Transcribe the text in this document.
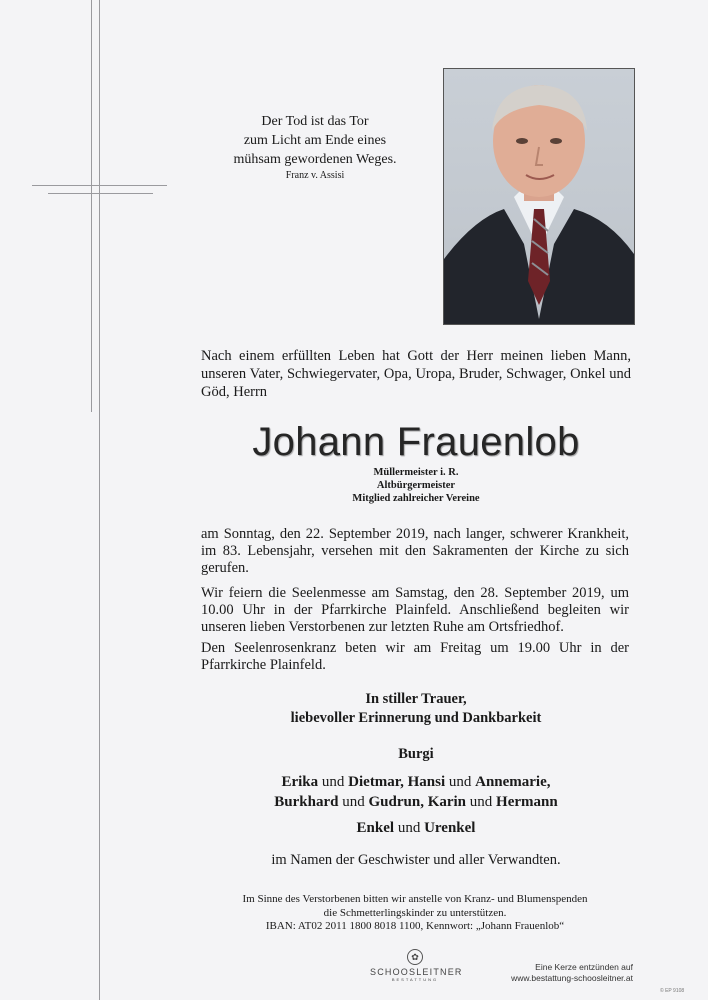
Der Tod ist das Tor
zum Licht am Ende eines
mühsam gewordenen Weges.
Franz v. Assisi
Nach einem erfüllten Leben hat Gott der Herr meinen lieben Mann, unseren Vater, Schwiegervater, Opa, Uropa, Bruder, Schwager, Onkel und Göd, Herrn
Johann Frauenlob
Müllermeister i. R.
Altbürgermeister
Mitglied zahlreicher Vereine
am Sonntag, den 22. September 2019, nach langer, schwerer Krankheit, im 83. Lebensjahr, versehen mit den Sakramenten der Kirche zu sich gerufen.
Wir feiern die Seelenmesse am Samstag, den 28. September 2019, um 10.00 Uhr in der Pfarrkirche Plainfeld. Anschließend begleiten wir unseren lieben Verstorbenen zur letzten Ruhe am Ortsfriedhof.
Den Seelenrosenkranz beten wir am Freitag um 19.00 Uhr in der Pfarrkirche Plainfeld.
In stiller Trauer,
liebevoller Erinnerung und Dankbarkeit
Burgi
Erika und Dietmar, Hansi und Annemarie,
Burkhard und Gudrun, Karin und Hermann
Enkel und Urenkel
im Namen der Geschwister und aller Verwandten.
Im Sinne des Verstorbenen bitten wir anstelle von Kranz- und Blumenspenden
die Schmetterlingskinder zu unterstützen.
IBAN: AT02 2011 1800 8018 1100, Kennwort: „Johann Frauenlob“
✿
SCHOOSLEITNER
BESTATTUNG
Eine Kerze entzünden auf
www.bestattung-schoosleitner.at
© EP 9108
